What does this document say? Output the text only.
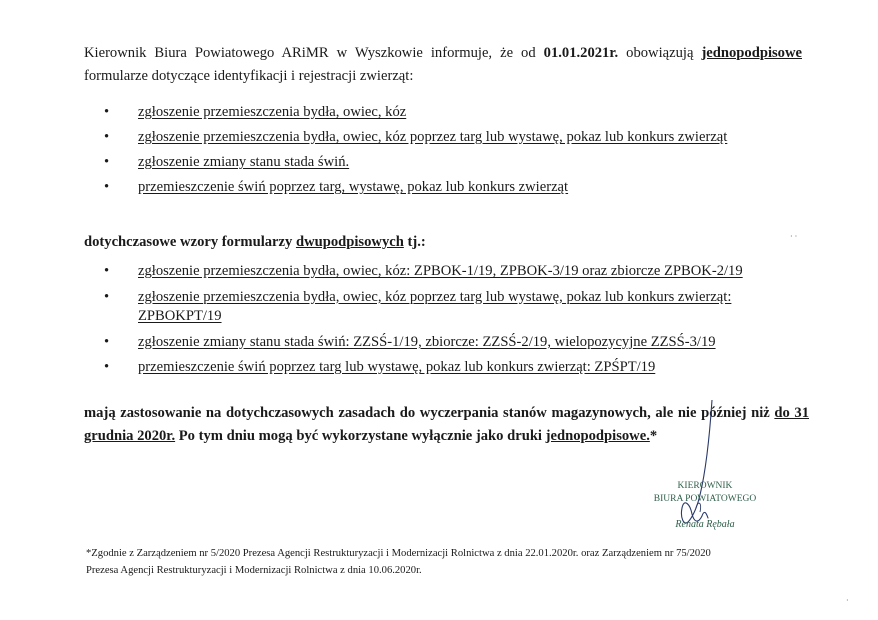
Kierownik Biura Powiatowego ARiMR w Wyszkowie informuje, że od 01.01.2021r. obowiązują jednopodpisowe formularze dotyczące identyfikacji i rejestracji zwierząt:
• zgłoszenie przemieszczenia bydła, owiec, kóz
• zgłoszenie przemieszczenia bydła, owiec, kóz poprzez targ lub wystawę, pokaz lub konkurs zwierząt
• zgłoszenie zmiany stanu stada świń.
• przemieszczenie świń poprzez targ, wystawę, pokaz lub konkurs zwierząt
dotychczasowe wzory formularzy dwupodpisowych tj.:
• zgłoszenie przemieszczenia bydła, owiec, kóz: ZPBOK-1/19, ZPBOK-3/19 oraz zbiorcze ZPBOK-2/19
• zgłoszenie przemieszczenia bydła, owiec, kóz poprzez targ lub wystawę, pokaz lub konkurs zwierząt: ZPBOKPT/19
• zgłoszenie zmiany stanu stada świń: ZZSŚ-1/19, zbiorcze: ZZSŚ-2/19, wielopozycyjne ZZSŚ-3/19
• przemieszczenie świń poprzez targ lub wystawę, pokaz lub konkurs zwierząt: ZPŚPT/19
mają zastosowanie na dotychczasowych zasadach do wyczerpania stanów magazynowych, ale nie później niż do 31 grudnia 2020r. Po tym dniu mogą być wykorzystane wyłącznie jako druki jednopodpisowe.*
KIEROWNIK
BIURA POWIATOWEGO
Renata Rębała
*Zgodnie z Zarządzeniem nr 5/2020 Prezesa Agencji Restrukturyzacji i Modernizacji Rolnictwa z dnia 22.01.2020r. oraz Zarządzeniem nr 75/2020
Prezesa Agencji Restrukturyzacji i Modernizacji Rolnictwa z dnia 10.06.2020r.
· ·
·
